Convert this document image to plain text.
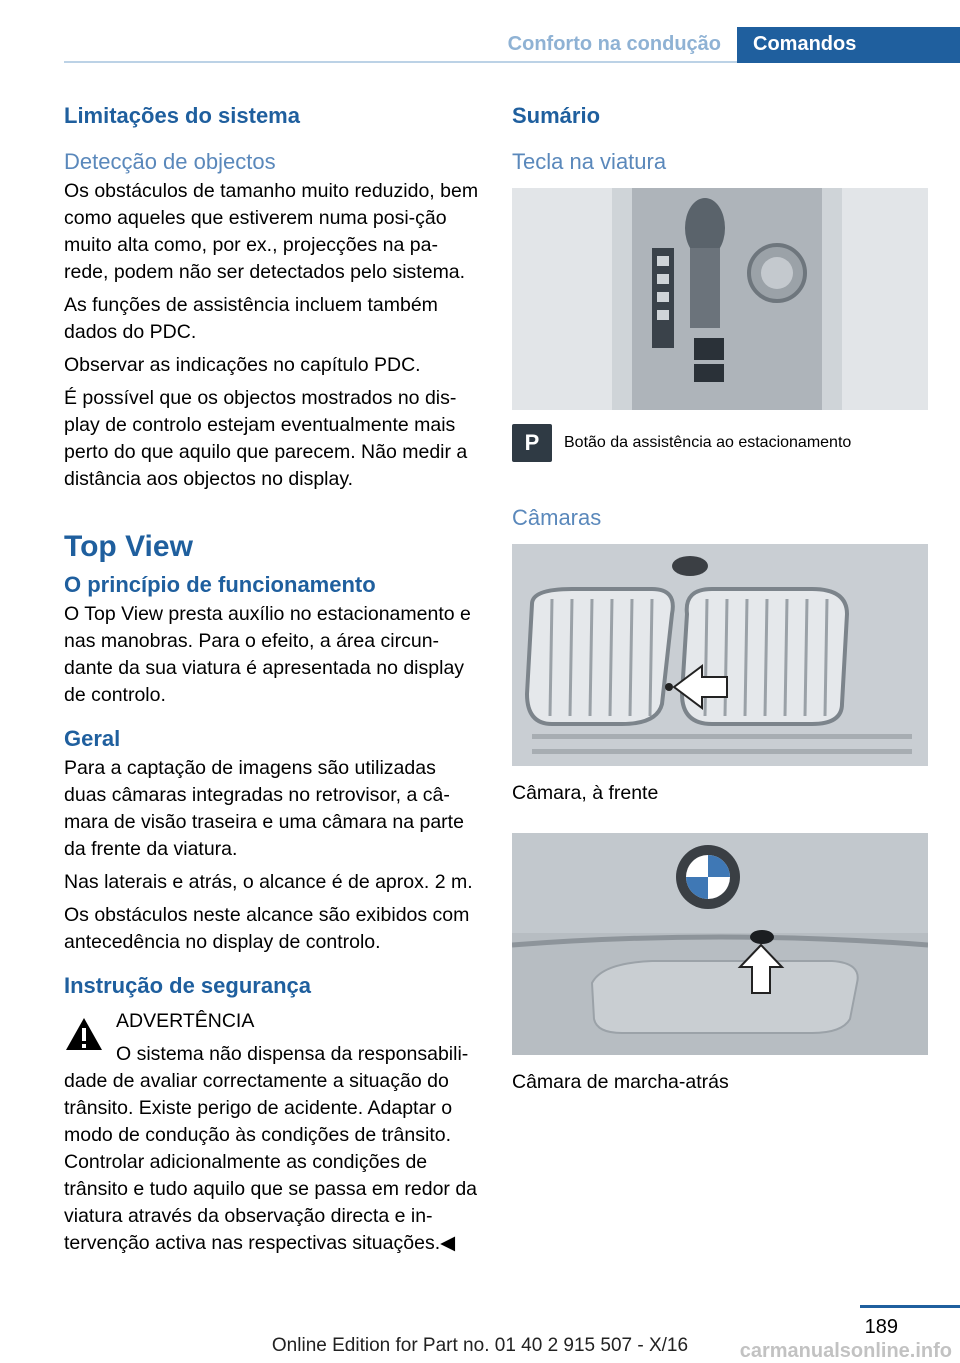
Conforto na condução	Comandos
Limitações do sistema
Detecção de objectos

Os obstáculos de tamanho muito reduzido, bem como aqueles que estiverem numa posi‐ção muito alta como, por ex., projecções na pa‐rede, podem não ser detectados pelo sistema.

As funções de assistência incluem também dados do PDC.

Observar as indicações no capítulo PDC.

É possível que os objectos mostrados no dis‐play de controlo estejam eventualmente mais perto do que aquilo que parecem. Não medir a distância aos objectos no display.

Top View
O princípio de funcionamento

O Top View presta auxílio no estacionamento e nas manobras. Para o efeito, a área circun‐dante da sua viatura é apresentada no display de controlo.

Geral

Para a captação de imagens são utilizadas duas câmaras integradas no retrovisor, a câ‐mara de visão traseira e uma câmara na parte da frente da viatura.

Nas laterais e atrás, o alcance é de aprox. 2 m.

Os obstáculos neste alcance são exibidos com antecedência no display de controlo.

Instrução de segurança
ADVERTÊNCIA

O sistema não dispensa da responsabili‐dade de avaliar correctamente a situação do trânsito. Existe perigo de acidente. Adaptar o modo de condução às condições de trânsito. Controlar adicionalmente as condições de trânsito e tudo aquilo que se passa em redor da viatura através da observação directa e in‐tervenção activa nas respectivas situações.◀

Sumário
Tecla na viatura
P	Botão da assistência ao estacionamento
Câmaras
Câmara, à frente
Câmara de marcha-atrás
189
Online Edition for Part no. 01 40 2 915 507 - X/16	carmanualsonline.info
